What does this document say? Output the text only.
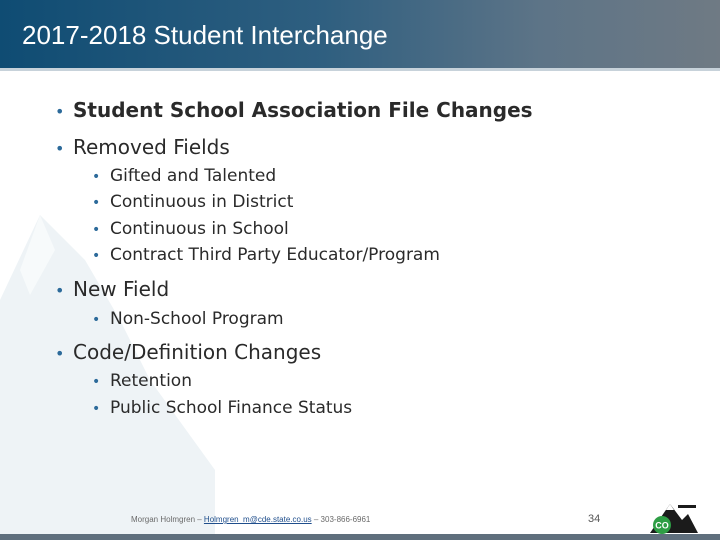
2017-2018 Student Interchange
• Student School Association File Changes
• Removed Fields
• Gifted and Talented
• Continuous in District
• Continuous in School
• Contract Third Party Educator/Program
• New Field
• Non-School Program
• Code/Definition Changes
• Retention
• Public School Finance Status
Morgan Holmgren – Holmgren_m@cde.state.co.us – 303-866-6961	34
CO
